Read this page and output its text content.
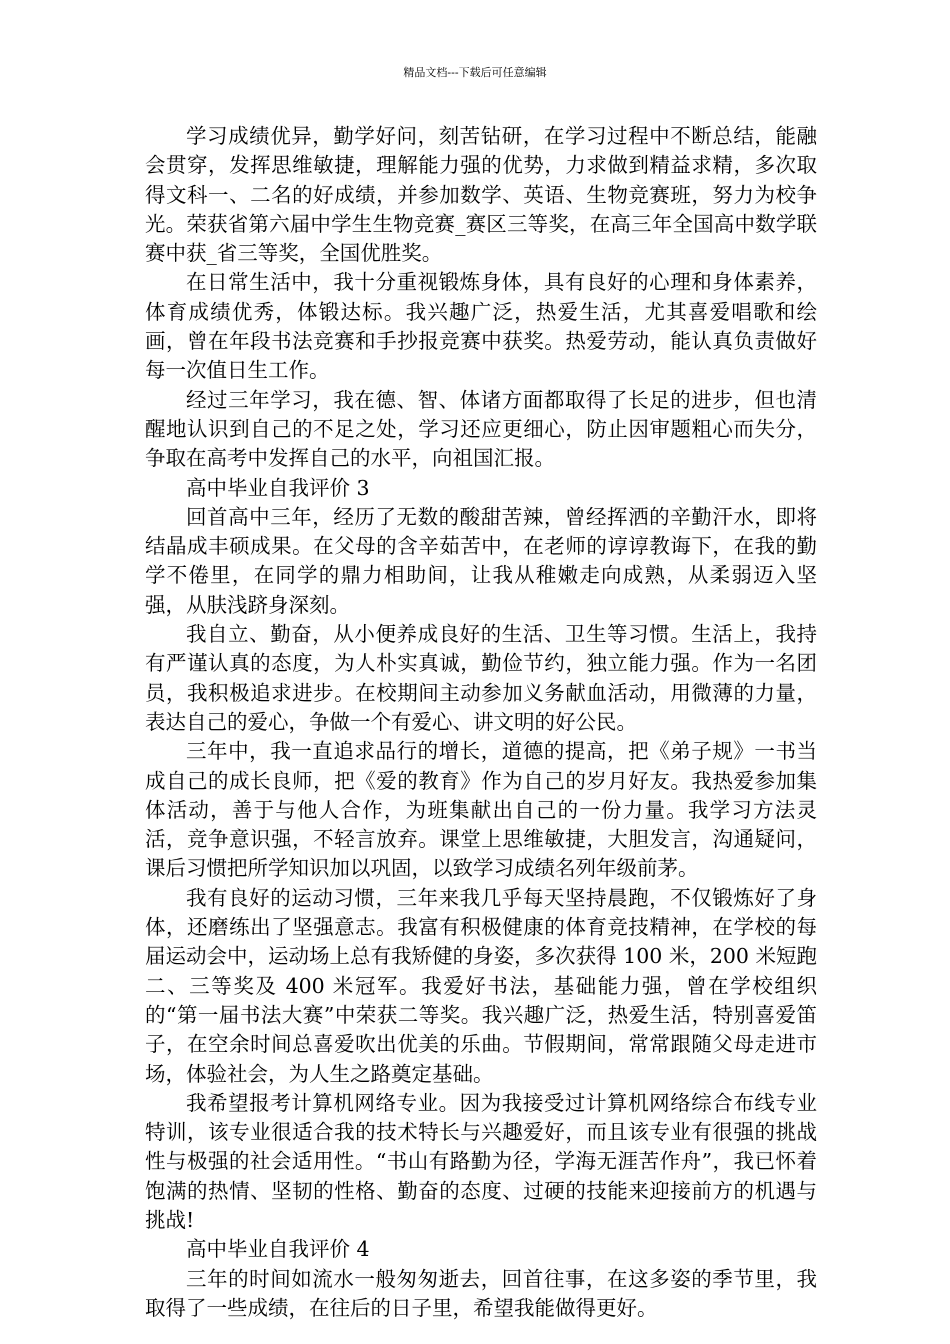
精品文档---下载后可任意编辑

学习成绩优异，勤学好问，刻苦钻研，在学习过程中不断总结，能融会贯穿，发挥思维敏捷，理解能力强的优势，力求做到精益求精，多次取得文科一、二名的好成绩，并参加数学、英语、生物竞赛班，努力为校争光。荣获省第六届中学生生物竞赛_赛区三等奖，在高三年全国高中数学联赛中获_省三等奖，全国优胜奖。

在日常生活中，我十分重视锻炼身体，具有良好的心理和身体素养，体育成绩优秀，体锻达标。我兴趣广泛，热爱生活，尤其喜爱唱歌和绘画，曾在年段书法竞赛和手抄报竞赛中获奖。热爱劳动，能认真负责做好每一次值日生工作。

经过三年学习，我在德、智、体诸方面都取得了长足的进步，但也清醒地认识到自己的不足之处，学习还应更细心，防止因审题粗心而失分，争取在高考中发挥自己的水平，向祖国汇报。

高中毕业自我评价 3

回首高中三年，经历了无数的酸甜苦辣，曾经挥洒的辛勤汗水，即将结晶成丰硕成果。在父母的含辛茹苦中，在老师的谆谆教诲下，在我的勤学不倦里，在同学的鼎力相助间，让我从稚嫩走向成熟，从柔弱迈入坚强，从肤浅跻身深刻。

我自立、勤奋，从小便养成良好的生活、卫生等习惯。生活上，我持有严谨认真的态度，为人朴实真诚，勤俭节约，独立能力强。作为一名团员，我积极追求进步。在校期间主动参加义务献血活动，用微薄的力量，表达自己的爱心，争做一个有爱心、讲文明的好公民。

三年中，我一直追求品行的增长，道德的提高，把《弟子规》一书当成自己的成长良师，把《爱的教育》作为自己的岁月好友。我热爱参加集体活动，善于与他人合作，为班集献出自己的一份力量。我学习方法灵活，竞争意识强，不轻言放弃。课堂上思维敏捷，大胆发言，沟通疑问，课后习惯把所学知识加以巩固，以致学习成绩名列年级前茅。

我有良好的运动习惯，三年来我几乎每天坚持晨跑，不仅锻炼好了身体，还磨练出了坚强意志。我富有积极健康的体育竞技精神，在学校的每届运动会中，运动场上总有我矫健的身姿，多次获得 100 米，200 米短跑二、三等奖及 400 米冠军。我爱好书法，基础能力强，曾在学校组织的“第一届书法大赛”中荣获二等奖。我兴趣广泛，热爱生活，特别喜爱笛子，在空余时间总喜爱吹出优美的乐曲。节假期间，常常跟随父母走进市场，体验社会，为人生之路奠定基础。

我希望报考计算机网络专业。因为我接受过计算机网络综合布线专业特训，该专业很适合我的技术特长与兴趣爱好，而且该专业有很强的挑战性与极强的社会适用性。“书山有路勤为径，学海无涯苦作舟”，我已怀着饱满的热情、坚韧的性格、勤奋的态度、过硬的技能来迎接前方的机遇与挑战!

高中毕业自我评价 4

三年的时间如流水一般匆匆逝去，回首往事，在这多姿的季节里，我取得了一些成绩，在往后的日子里，希望我能做得更好。
